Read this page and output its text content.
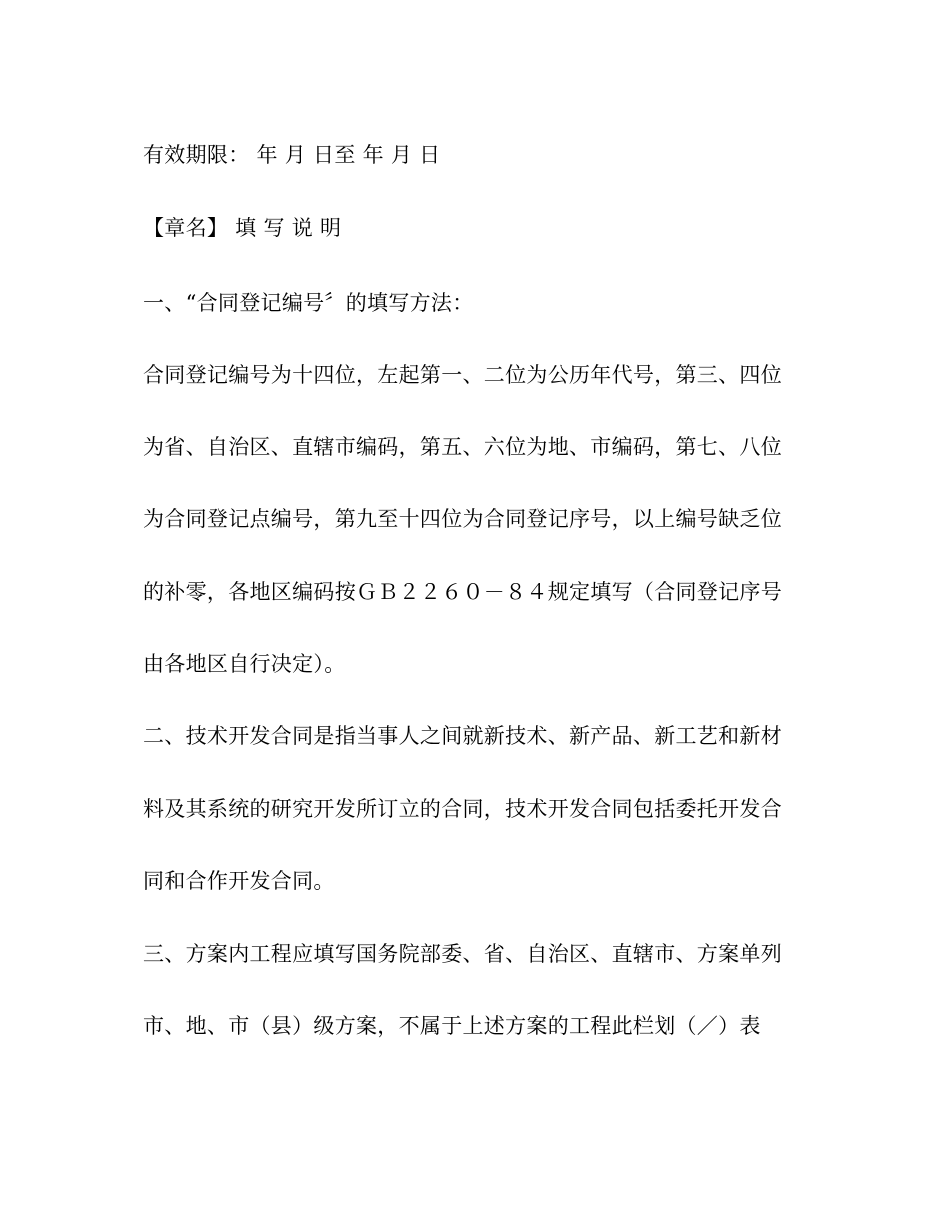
有效期限： 年 月 日至 年 月 日
【章名】 填 写 说 明
一、“合同登记编号〞的填写方法：
合同登记编号为十四位，左起第一、二位为公历年代号，第三、四位
为省、自治区、直辖市编码，第五、六位为地、市编码，第七、八位
为合同登记点编号，第九至十四位为合同登记序号，以上编号缺乏位
的补零，各地区编码按ＧＢ２２６０－８４规定填写（合同登记序号
由各地区自行决定）。
二、技术开发合同是指当事人之间就新技术、新产品、新工艺和新材
料及其系统的研究开发所订立的合同，技术开发合同包括委托开发合
同和合作开发合同。
三、方案内工程应填写国务院部委、省、自治区、直辖市、方案单列
市、地、市（县）级方案，不属于上述方案的工程此栏划（／）表
